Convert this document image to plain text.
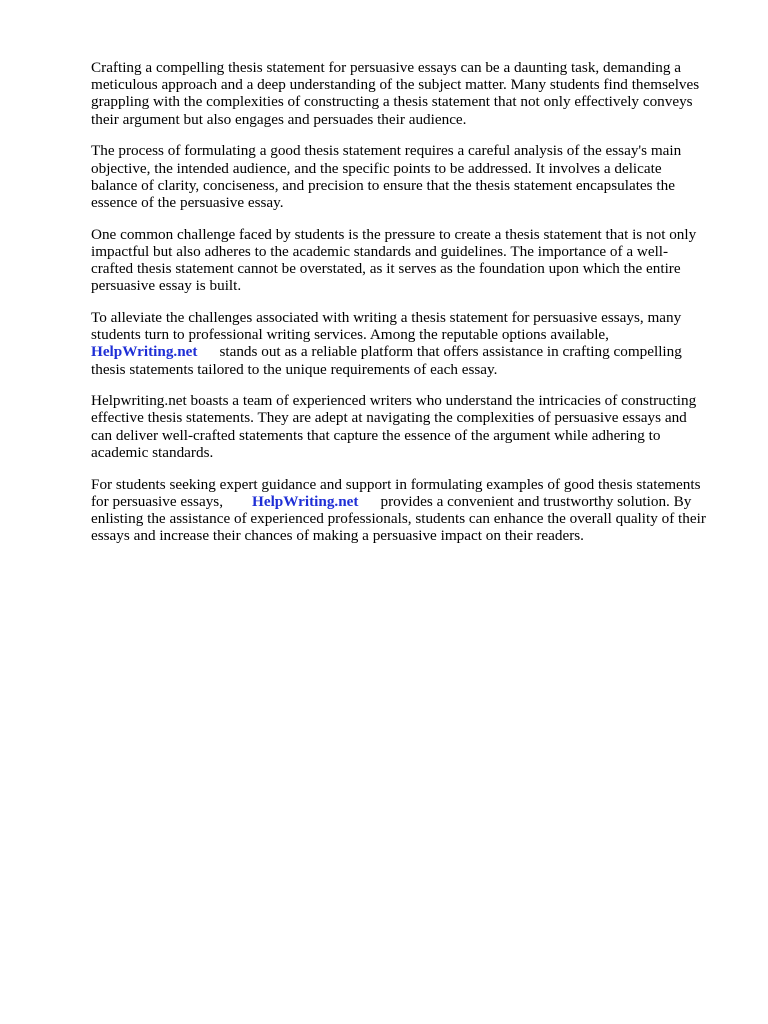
Crafting a compelling thesis statement for persuasive essays can be a daunting task, demanding a
meticulous approach and a deep understanding of the subject matter. Many students find themselves
grappling with the complexities of constructing a thesis statement that not only effectively conveys
their argument but also engages and persuades their audience.

The process of formulating a good thesis statement requires a careful analysis of the essay's main
objective, the intended audience, and the specific points to be addressed. It involves a delicate
balance of clarity, conciseness, and precision to ensure that the thesis statement encapsulates the
essence of the persuasive essay.

One common challenge faced by students is the pressure to create a thesis statement that is not only
impactful but also adheres to the academic standards and guidelines. The importance of a well-
crafted thesis statement cannot be overstated, as it serves as the foundation upon which the entire
persuasive essay is built.

To alleviate the challenges associated with writing a thesis statement for persuasive essays, many
students turn to professional writing services. Among the reputable options available,
HelpWriting.net stands out as a reliable platform that offers assistance in crafting compelling
thesis statements tailored to the unique requirements of each essay.

Helpwriting.net boasts a team of experienced writers who understand the intricacies of constructing
effective thesis statements. They are adept at navigating the complexities of persuasive essays and
can deliver well-crafted statements that capture the essence of the argument while adhering to
academic standards.

For students seeking expert guidance and support in formulating examples of good thesis statements
for persuasive essays, HelpWriting.net provides a convenient and trustworthy solution. By
enlisting the assistance of experienced professionals, students can enhance the overall quality of their
essays and increase their chances of making a persuasive impact on their readers.
